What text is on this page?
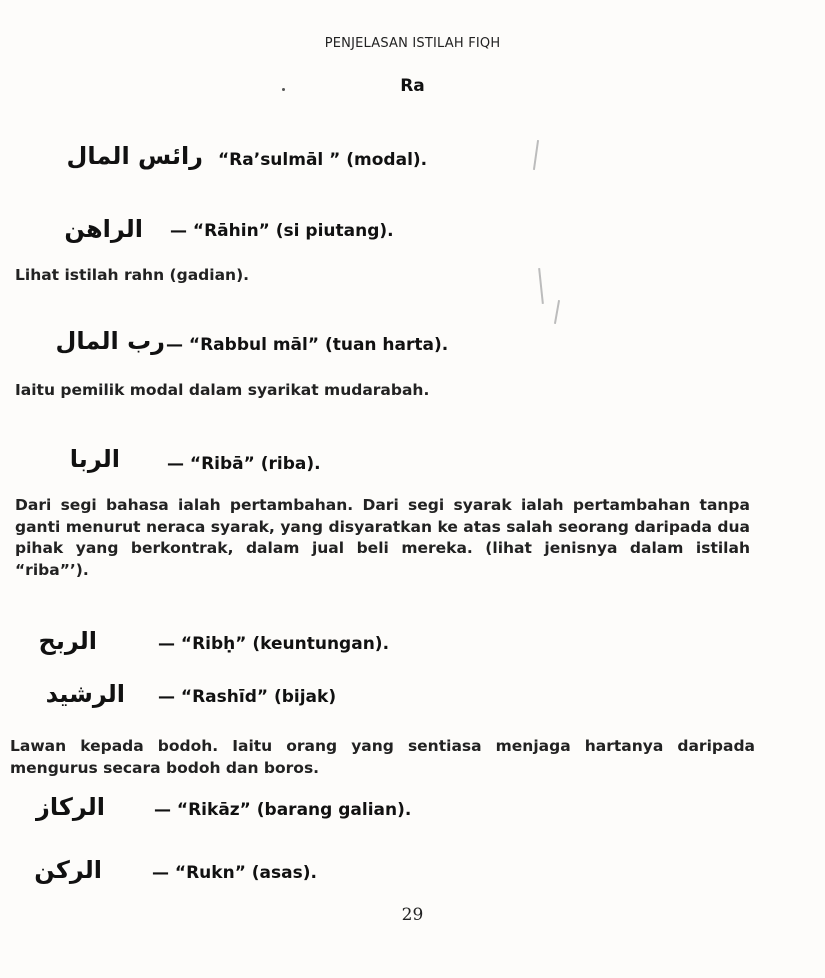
PENJELASAN ISTILAH FIQH
Ra
رائس المال “Ra’sulmāl ” (modal).
الراهن — “Rāhin” (si piutang).
Lihat istilah rahn (gadian).
رب المال — “Rabbul māl” (tuan harta).
Iaitu pemilik modal dalam syarikat mudarabah.
الربا	— “Ribā” (riba).
Dari segi bahasa ialah pertambahan. Dari segi syarak ialah pertambahan tanpa ganti menurut neraca syarak, yang disyaratkan ke atas salah seorang daripada dua pihak yang berkontrak, dalam jual beli mereka. (lihat jenisnya dalam istilah “riba”’).
الربح	— “Ribḥ” (keuntungan).
الرشيد — “Rashīd” (bijak)
Lawan kepada bodoh. Iaitu orang yang sentiasa menjaga hartanya daripada mengurus secara bodoh dan boros.
الركاز	— “Rikāz” (barang galian).
الركن	— “Rukn” (asas).
29
